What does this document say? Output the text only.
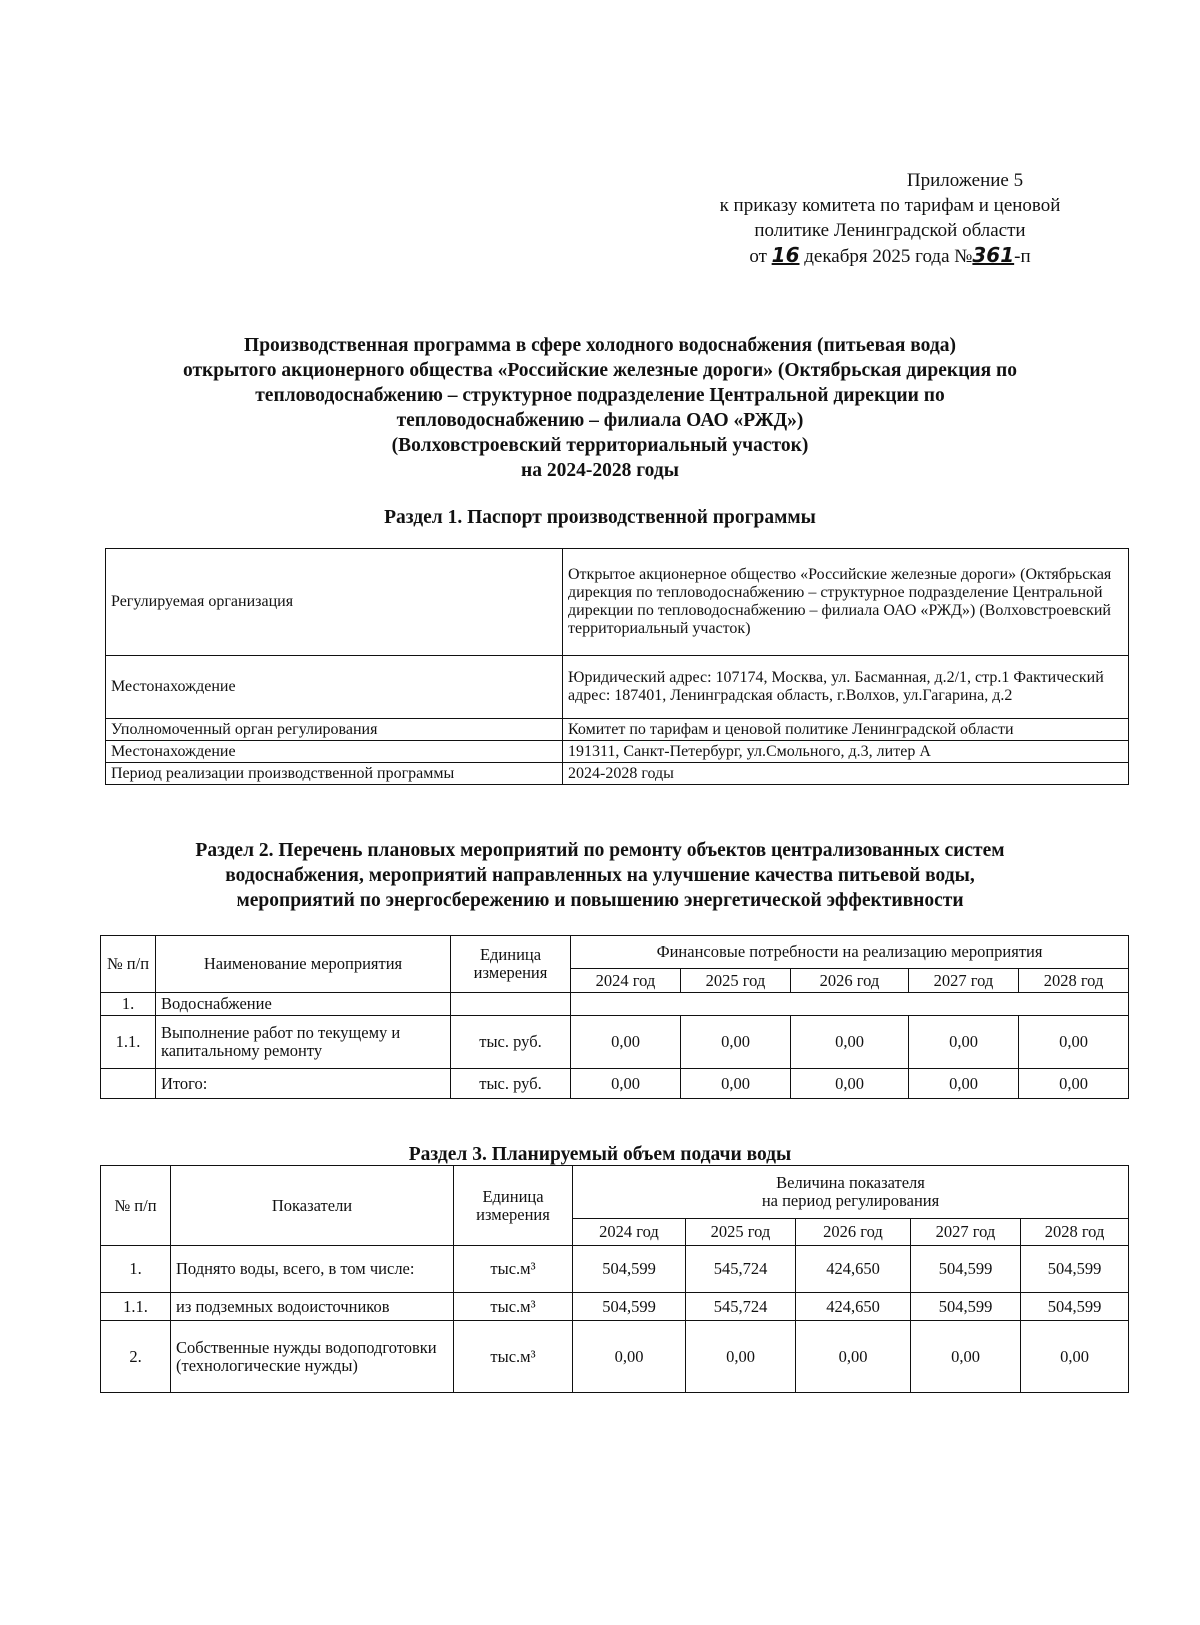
Приложение 5
к приказу комитета по тарифам и ценовой
политике Ленинградской области
от 16 декабря 2025 года №361-п
Производственная программа в сфере холодного водоснабжения (питьевая вода)
открытого акционерного общества «Российские железные дороги» (Октябрьская дирекция по
тепловодоснабжению – структурное подразделение Центральной дирекции по
тепловодоснабжению – филиала ОАО «РЖД»)
(Волховстроевский территориальный участок)
на 2024-2028 годы
Раздел 1. Паспорт производственной программы
Регулируемая организация	Открытое акционерное общество «Российские железные дороги» (Октябрьская дирекция по тепловодоснабжению – структурное подразделение Центральной дирекции по тепловодоснабжению – филиала ОАО «РЖД») (Волховстроевский территориальный участок)
Местонахождение	Юридический адрес: 107174, Москва, ул. Басманная, д.2/1, стр.1 Фактический адрес: 187401, Ленинградская область, г.Волхов, ул.Гагарина, д.2
Уполномоченный орган регулирования	Комитет по тарифам и ценовой политике Ленинградской области
Местонахождение	191311, Санкт-Петербург, ул.Смольного, д.3, литер А
Период реализации производственной программы	2024-2028 годы
Раздел 2. Перечень плановых мероприятий по ремонту объектов централизованных систем
водоснабжения, мероприятий направленных на улучшение качества питьевой воды,
мероприятий по энергосбережению и повышению энергетической эффективности
№ п/п	Наименование мероприятия	Единица измерения	Финансовые потребности на реализацию мероприятия				
			2024 год	2025 год	2026 год	2027 год	2028 год
1.	Водоснабжение						
1.1.	Выполнение работ по текущему и капитальному ремонту	тыс. руб.	0,00	0,00	0,00	0,00	0,00
	Итого:	тыс. руб.	0,00	0,00	0,00	0,00	0,00
Раздел 3. Планируемый объем подачи воды
№ п/п	Показатели	Единица измерения	Величина показателя
на период регулирования				

			2024 год	2025 год	2026 год	2027 год	2028 год
1.	Поднято воды, всего, в том числе:	тыс.м³	504,599	545,724	424,650	504,599	504,599
1.1.	из подземных водоисточников	тыс.м³	504,599	545,724	424,650	504,599	504,599
2.	Собственные нужды водоподготовки (технологические нужды)	тыс.м³	0,00	0,00	0,00	0,00	0,00
